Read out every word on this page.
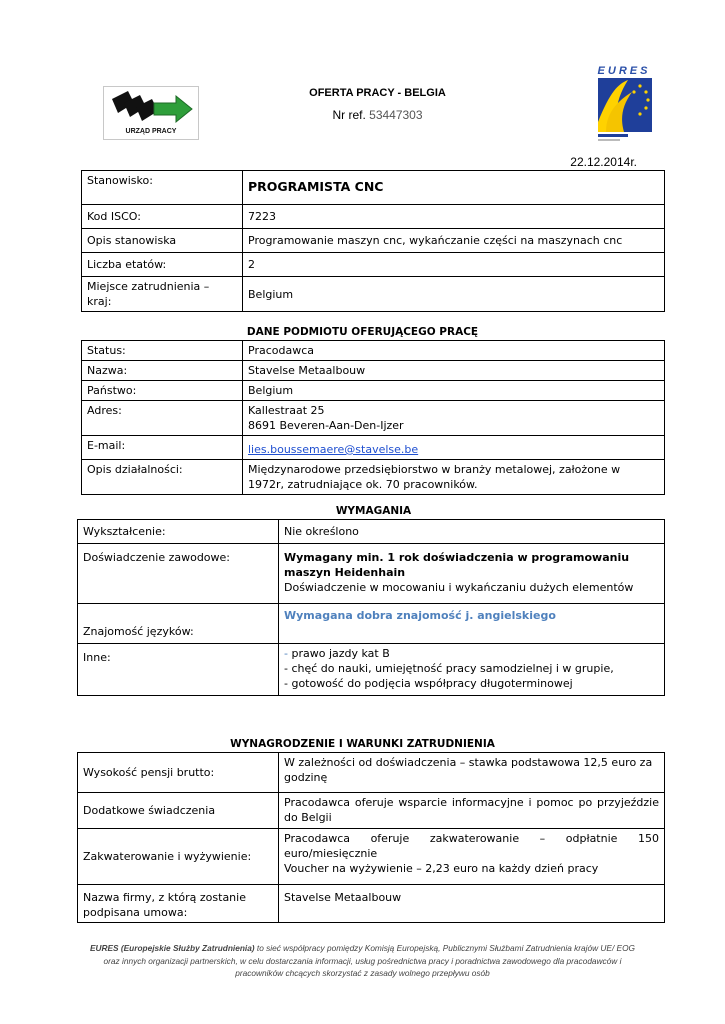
URZĄD PRACY
EURES
OFERTA PRACY - BELGIA
Nr ref. 53447303
22.12.2014r.
Stanowisko:	PROGRAMISTA CNC
Kod ISCO:	7223
Opis stanowiska	Programowanie maszyn cnc, wykańczanie części na maszynach cnc
Liczba etatów:	2
Miejsce zatrudnienia – kraj:	Belgium
DANE PODMIOTU OFERUJĄCEGO PRACĘ
Status:	Pracodawca
Nazwa:	Stavelse Metaalbouw
Państwo:	Belgium
Adres:	Kallestraat 25
8691 Beveren-Aan-Den-Ijzer

E-mail:	lies.boussemaere@stavelse.be
Opis działalności:	Międzynarodowe przedsiębiorstwo w branży metalowej, założone w 1972r, zatrudniające ok. 70 pracowników.
WYMAGANIA
Wykształcenie:	Nie określono
Doświadczenie zawodowe:	Wymagany min. 1 rok doświadczenia w programowaniu maszyn Heidenhain
Doświadczenie w mocowaniu i wykańczaniu dużych elementów

Znajomość języków:	Wymagana dobra znajomość j. angielskiego
Inne:	- prawo jazdy kat B
- chęć do nauki, umiejętność pracy samodzielnej i w grupie,
- gotowość do podjęcia współpracy długoterminowej
WYNAGRODZENIE I WARUNKI ZATRUDNIENIA
Wysokość pensji brutto:	W zależności od doświadczenia – stawka podstawowa 12,5 euro za godzinę
Dodatkowe świadczenia	Pracodawca oferuje wsparcie informacyjne i pomoc po przyjeździe do Belgii
Zakwaterowanie i wyżywienie:	Pracodawca oferuje zakwaterowanie – odpłatnie 150 euro/miesięcznie
Voucher na wyżywienie – 2,23 euro na każdy dzień pracy

Nazwa firmy, z którą zostanie podpisana umowa:	Stavelse Metaalbouw
EURES (Europejskie Służby Zatrudnienia) to sieć współpracy pomiędzy Komisją Europejską, Publicznymi Służbami Zatrudnienia krajów UE/ EOG
oraz innych organizacji partnerskich, w celu dostarczania informacji, usług pośrednictwa pracy i poradnictwa zawodowego dla pracodawców i
pracowników chcących skorzystać z zasady wolnego przepływu osób
